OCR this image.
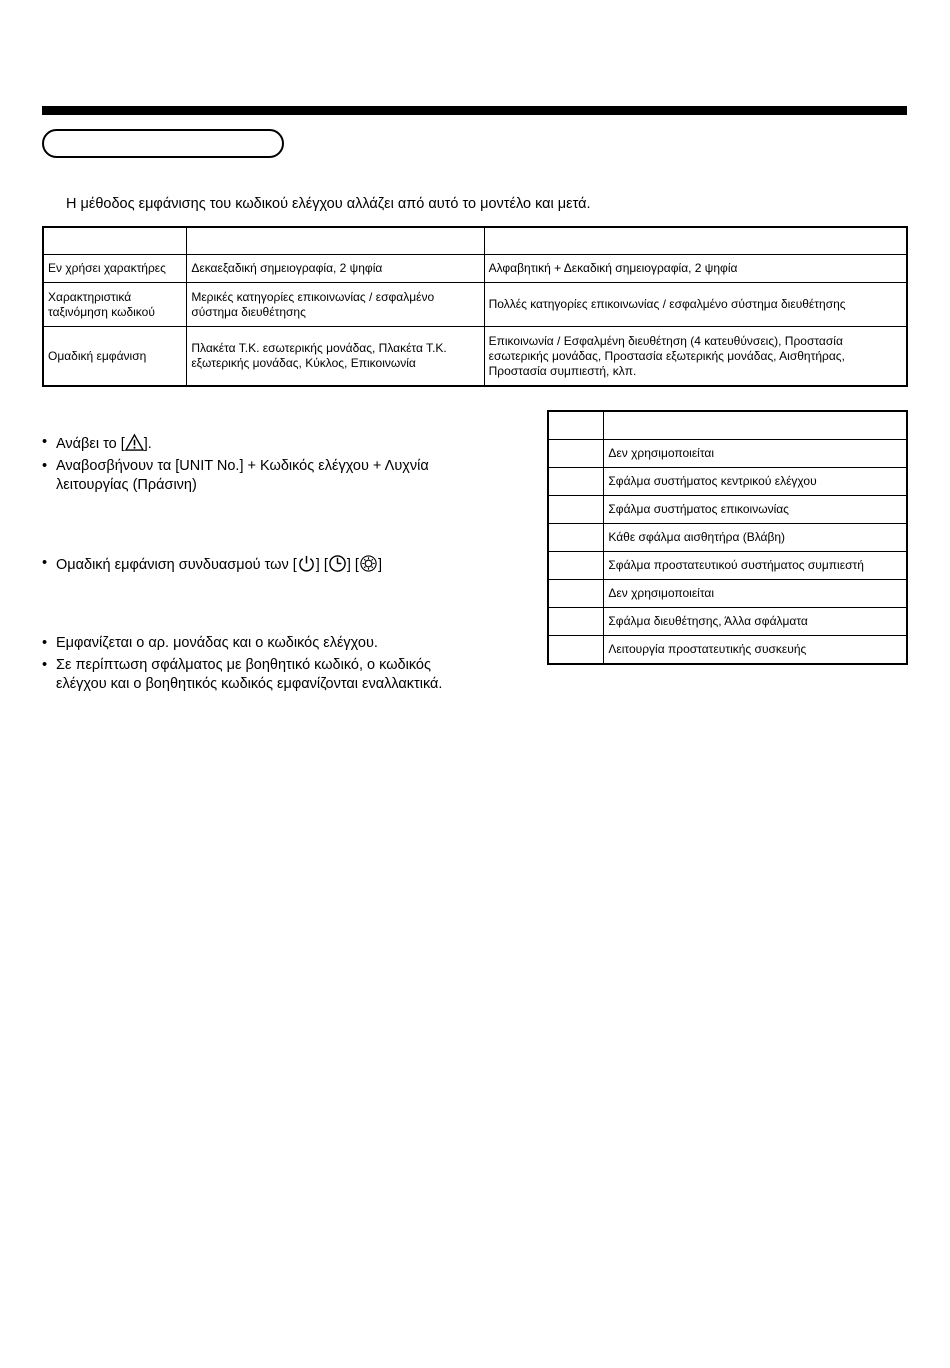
Η μέθοδος εμφάνισης του κωδικού ελέγχου αλλάζει από αυτό το μοντέλο και μετά.

Εν χρήσει χαρακτήρες	Δεκαεξαδική σημειογραφία, 2 ψηφία	Αλφαβητική + Δεκαδική σημειογραφία, 2 ψηφία
Χαρακτηριστικά ταξινόμηση κωδικού	Μερικές κατηγορίες επικοινωνίας / εσφαλμένο σύστημα διευθέτησης	Πολλές κατηγορίες επικοινωνίας / εσφαλμένο σύστημα διευθέτησης
Ομαδική εμφάνιση	Πλακέτα Τ.Κ. εσωτερικής μονάδας, Πλακέτα Τ.Κ. εξωτερικής μονάδας, Κύκλος, Επικοινωνία	Επικοινωνία / Εσφαλμένη διευθέτηση (4 κατευθύνσεις), Προστασία εσωτερικής μονάδας, Προστασία εξωτερικής μονάδας, Αισθητήρας, Προστασία συμπιεστή, κλπ.

	Δεν χρησιμοποιείται
	Σφάλμα συστήματος κεντρικού ελέγχου
	Σφάλμα συστήματος επικοινωνίας
	Κάθε σφάλμα αισθητήρα (Βλάβη)
	Σφάλμα προστατευτικού συστήματος συμπιεστή
	Δεν χρησιμοποιείται
	Σφάλμα διευθέτησης, Άλλα σφάλματα
	Λειτουργία προστατευτικής συσκευής
• Ανάβει το [ ].
• Αναβοσβήνουν τα [UNIT No.] + Κωδικός ελέγχου + Λυχνία λειτουργίας (Πράσινη)
• Ομαδική εμφάνιση συνδυασμού των [ ] [ ] [ ]
• Εμφανίζεται ο αρ. μονάδας και ο κωδικός ελέγχου.
• Σε περίπτωση σφάλματος με βοηθητικό κωδικό, ο κωδικός ελέγχου και ο βοηθητικός κωδικός εμφανίζονται εναλλακτικά.
